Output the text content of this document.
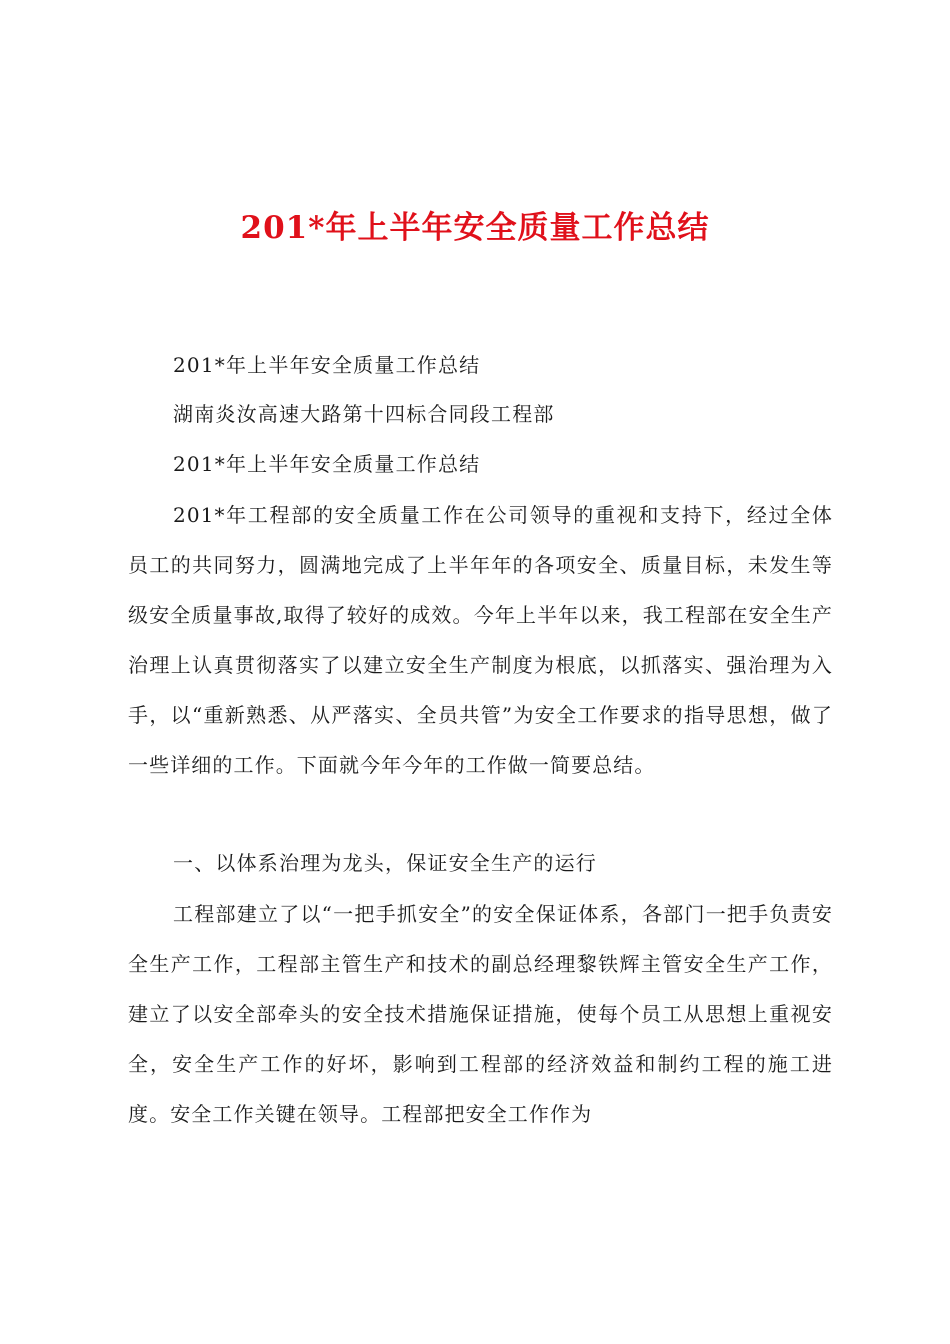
201*年上半年安全质量工作总结

201*年上半年安全质量工作总结

湖南炎汝高速大路第十四标合同段工程部

201*年上半年安全质量工作总结

201*年工程部的安全质量工作在公司领导的重视和支持下，经过全体员工的共同努力，圆满地完成了上半年年的各项安全、质量目标，未发生等级安全质量事故,取得了较好的成效。今年上半年以来，我工程部在安全生产治理上认真贯彻落实了以建立安全生产制度为根底，以抓落实、强治理为入手，以“重新熟悉、从严落实、全员共管”为安全工作要求的指导思想，做了一些详细的工作。下面就今年今年的工作做一简要总结。

一、以体系治理为龙头，保证安全生产的运行

工程部建立了以“一把手抓安全”的安全保证体系，各部门一把手负责安全生产工作，工程部主管生产和技术的副总经理黎铁辉主管安全生产工作，建立了以安全部牵头的安全技术措施保证措施，使每个员工从思想上重视安全，安全生产工作的好坏，影响到工程部的经济效益和制约工程的施工进度。安全工作关键在领导。工程部把安全工作作为
